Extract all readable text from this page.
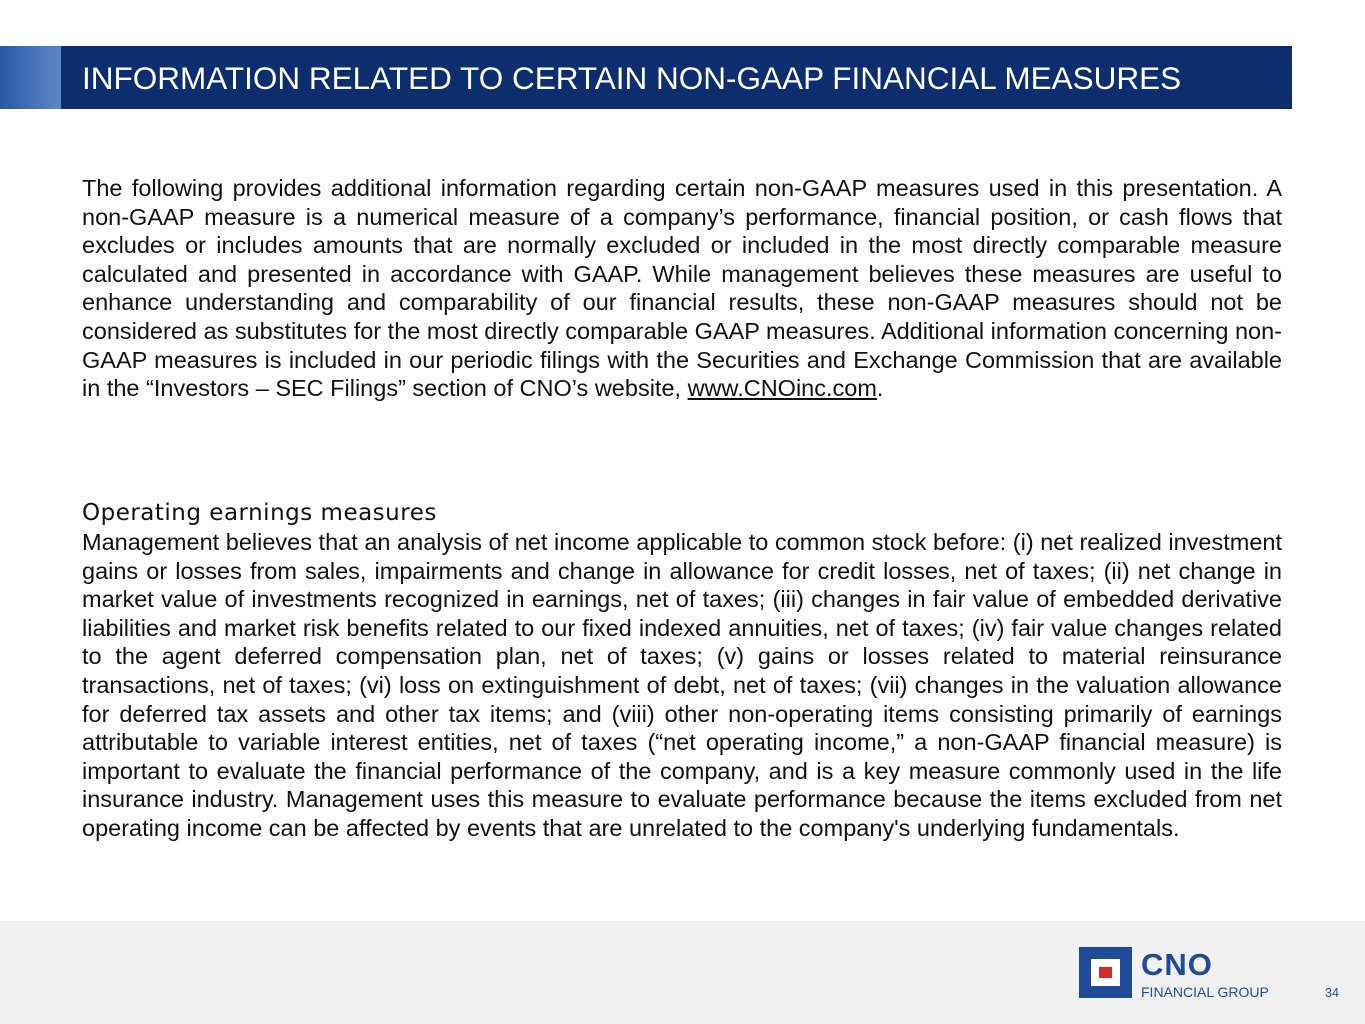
INFORMATION RELATED TO CERTAIN NON-GAAP FINANCIAL MEASURES

The following provides additional information regarding certain non-GAAP measures used in this presentation. A non-GAAP measure is a numerical measure of a company’s performance, financial position, or cash flows that excludes or includes amounts that are normally excluded or included in the most directly comparable measure calculated and presented in accordance with GAAP. While management believes these measures are useful to enhance understanding and comparability of our financial results, these non-GAAP measures should not be considered as substitutes for the most directly comparable GAAP measures. Additional information concerning non-GAAP measures is included in our periodic filings with the Securities and Exchange Commission that are available in the “Investors – SEC Filings” section of CNO’s website, www.CNOinc.com.

Operating earnings measures

Management believes that an analysis of net income applicable to common stock before: (i) net realized investment gains or losses from sales, impairments and change in allowance for credit losses, net of taxes; (ii) net change in market value of investments recognized in earnings, net of taxes; (iii) changes in fair value of embedded derivative liabilities and market risk benefits related to our fixed indexed annuities, net of taxes; (iv) fair value changes related to the agent deferred compensation plan, net of taxes; (v) gains or losses related to material reinsurance transactions, net of taxes; (vi) loss on extinguishment of debt, net of taxes; (vii) changes in the valuation allowance for deferred tax assets and other tax items; and (viii) other non-operating items consisting primarily of earnings attributable to variable interest entities, net of taxes (“net operating income,” a non-GAAP financial measure) is important to evaluate the financial performance of the company, and is a key measure commonly used in the life insurance industry. Management uses this measure to evaluate performance because the items excluded from net operating income can be affected by events that are unrelated to the company's underlying fundamentals.

CNO
FINANCIAL GROUP	34
